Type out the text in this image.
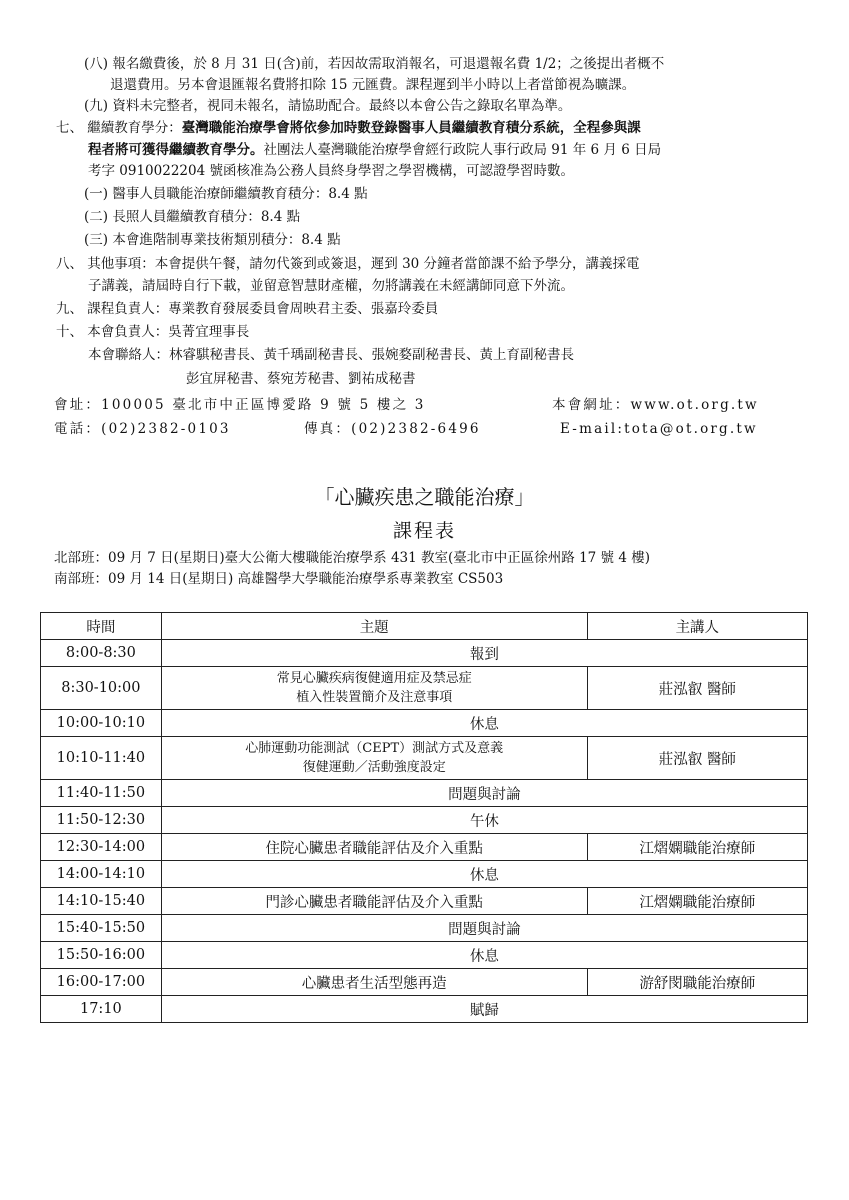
(八) 報名繳費後，於 8 月 31 日(含)前，若因故需取消報名，可退還報名費 1/2；之後提出者概不
退還費用。另本會退匯報名費將扣除 15 元匯費。課程遲到半小時以上者當節視為曠課。
(九) 資料未完整者，視同未報名，請協助配合。最終以本會公告之錄取名單為準。
七、 繼續教育學分：臺灣職能治療學會將依參加時數登錄醫事人員繼續教育積分系統，全程參與課
程者將可獲得繼續教育學分。社團法人臺灣職能治療學會經行政院人事行政局 91 年 6 月 6 日局
考字 0910022204 號函核准為公務人員終身學習之學習機構，可認證學習時數。
(一) 醫事人員職能治療師繼續教育積分：8.4 點
(二) 長照人員繼續教育積分：8.4 點
(三) 本會進階制專業技術類別積分：8.4 點
八、 其他事項：本會提供午餐，請勿代簽到或簽退，遲到 30 分鐘者當節課不給予學分，講義採電
子講義，請屆時自行下載，並留意智慧財產權，勿將講義在未經講師同意下外流。
九、 課程負責人：專業教育發展委員會周映君主委、張嘉玲委員
十、 本會負責人：吳菁宜理事長
本會聯絡人：林睿騏秘書長、黃千瑀副秘書長、張婉婺副秘書長、黃上育副秘書長
彭宜屏秘書、蔡宛芳秘書、劉祐成秘書
會址：100005 臺北市中正區博愛路 9 號 5 樓之 3	本會網址：www.ot.org.tw
電話：(02)2382-0103	傳真：(02)2382-6496	E-mail:tota@ot.org.tw
「心臟疾患之職能治療」
課程表
北部班：09 月 7 日(星期日)臺大公衛大樓職能治療學系 431 教室(臺北市中正區徐州路 17 號 4 樓)
南部班：09 月 14 日(星期日) 高雄醫學大學職能治療學系專業教室 CS503
時間	主題	主講人
8:00-8:30	報到	
8:30-10:00	常見心臟疾病復健適用症及禁忌症
植入性裝置簡介及注意事項	莊泓叡 醫師
10:00-10:10	休息	
10:10-11:40	心肺運動功能測試（CEPT）測試方式及意義
復健運動／活動強度設定	莊泓叡 醫師
11:40-11:50	問題與討論	
11:50-12:30	午休	
12:30-14:00	住院心臟患者職能評估及介入重點	江熠嫻職能治療師
14:00-14:10	休息	
14:10-15:40	門診心臟患者職能評估及介入重點	江熠嫻職能治療師
15:40-15:50	問題與討論	
15:50-16:00	休息	
16:00-17:00	心臟患者生活型態再造	游舒閔職能治療師
17:10	賦歸	
